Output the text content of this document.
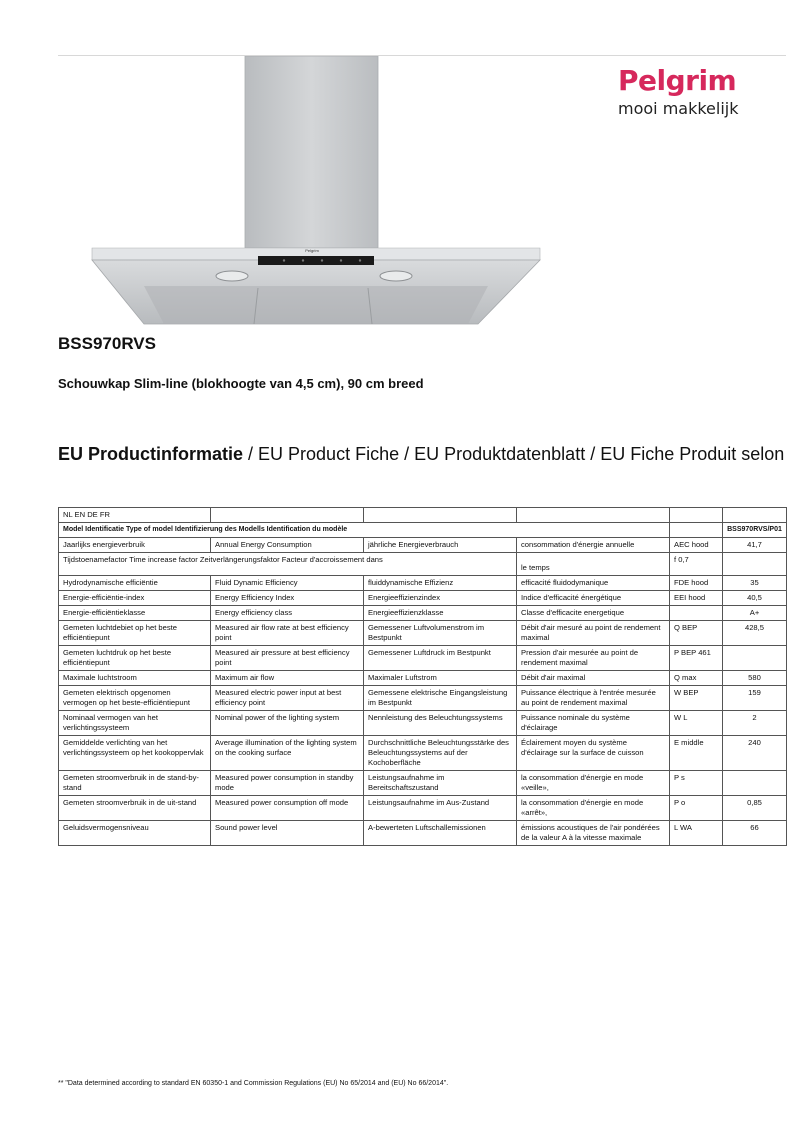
Pelgrim
Pelgrim
mooi makkelijk
BSS970RVS
Schouwkap Slim-line (blokhoogte van 4,5 cm), 90 cm breed
EU Productinformatie / EU Product Fiche / EU Produktdatenblatt / EU Fiche Produit selon
NL EN DE FR					
Model Identificatie Type of model Identifizierung des Modells Identification du modèle					BSS970RVS/P01
Jaarlijks energieverbruik	Annual Energy Consumption	jährliche Energieverbrauch	consommation d'énergie annuelle	AEC hood	41,7
Tijdstoenamefactor Time increase factor Zeitverlängerungsfaktor Facteur d'accroissement dans			le temps	f 0,7	
Hydrodynamische efficiëntie	Fluid Dynamic Efficiency	fluiddynamische Effizienz	efficacité fluidodymanique	FDE hood	35
Energie-efficiëntie-index	Energy Efficiency Index	Energieeffizienzindex	Indice d'efficacité énergétique	EEI hood	40,5
Energie-efficiëntieklasse	Energy efficiency class	Energieeffizienzklasse	Classe d'efficacite energetique		A+
Gemeten luchtdebiet op het beste efficiëntiepunt	Measured air flow rate at best efficiency point	Gemessener Luftvolumenstrom im Bestpunkt	Débit d'air mesuré au point de rendement maximal	Q BEP	428,5
Gemeten luchtdruk op het beste efficiëntiepunt	Measured air pressure at best efficiency point	Gemessener Luftdruck im Bestpunkt	Pression d'air mesurée au point de rendement maximal	P BEP 461	
Maximale luchtstroom	Maximum air flow	Maximaler Luftstrom	Débit d'air maximal	Q max	580
Gemeten elektrisch opgenomen vermogen op het beste-efficiëntiepunt	Measured electric power input at best efficiency point	Gemessene elektrische Eingangsleistung im Bestpunkt	Puissance électrique à l'entrée mesurée au point de rendement maximal	W BEP	159
Nominaal vermogen van het verlichtingssysteem	Nominal power of the lighting system	Nennleistung des Beleuchtungssystems	Puissance nominale du système d'éclairage	W L	2
Gemiddelde verlichting van het verlichtingssysteem op het kookoppervlak	Average illumination of the lighting system on the cooking surface	Durchschnittliche Beleuchtungsstärke des Beleuchtungssystems auf der Kochoberfläche	Éclairement moyen du système d'éclairage sur la surface de cuisson	E middle	240
Gemeten stroomverbruik in de stand-by- stand	Measured power consumption in standby mode	Leistungsaufnahme im Bereitschaftszustand	la consommation d'énergie en mode «veille»,	P s	
Gemeten stroomverbruik in de uit-stand	Measured power consumption off mode	Leistungsaufnahme im Aus-Zustand	la consommation d'énergie en mode «arrêt»,	P o	0,85
Geluidsvermogensniveau	Sound power level	A-bewerteten Luftschallemissionen	émissions acoustiques de l'air pondérées de la valeur A à la vitesse maximale	L WA	66
** "Data determined according to standard EN 60350-1 and Commission Regulations (EU) No 65/2014 and (EU) No 66/2014".
